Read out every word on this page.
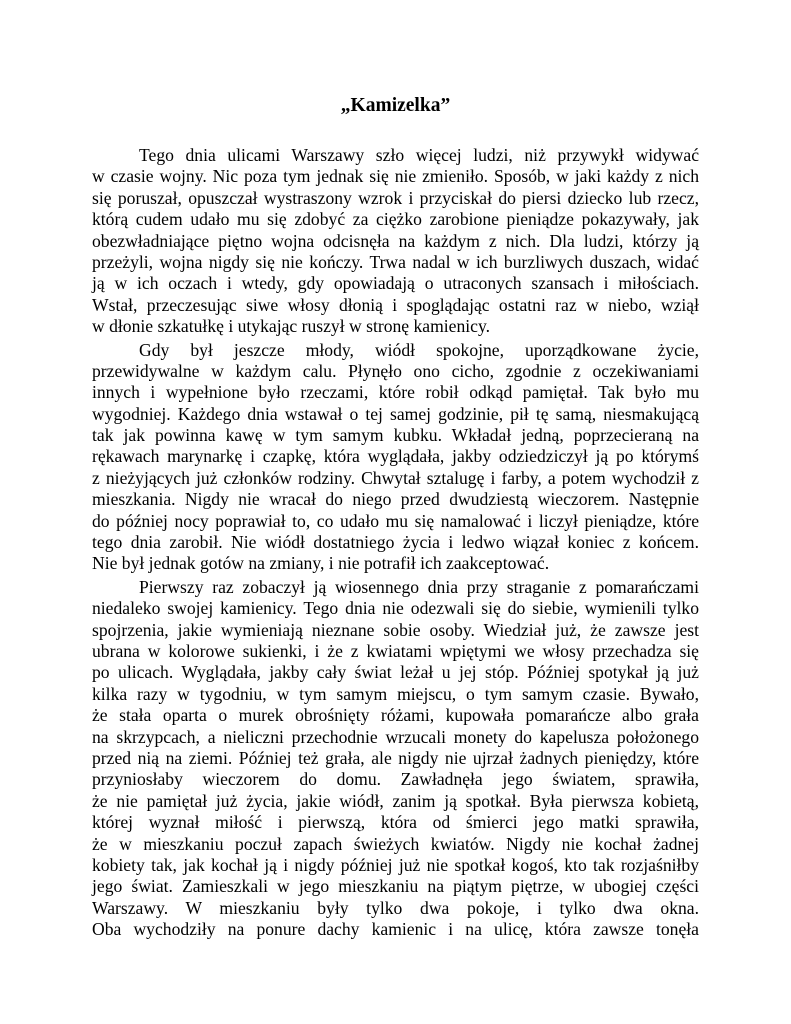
„Kamizelka”
Tego dnia ulicami Warszawy szło więcej ludzi, niż przywykł widywać
w czasie wojny. Nic poza tym jednak się nie zmieniło. Sposób, w jaki każdy z nich
się poruszał, opuszczał wystraszony wzrok i przyciskał do piersi dziecko lub rzecz,
którą cudem udało mu się zdobyć za ciężko zarobione pieniądze pokazywały, jak
obezwładniające piętno wojna odcisnęła na każdym z nich. Dla ludzi, którzy ją
przeżyli, wojna nigdy się nie kończy. Trwa nadal w ich burzliwych duszach, widać
ją w ich oczach i wtedy, gdy opowiadają o utraconych szansach i miłościach.
Wstał, przeczesując siwe włosy dłonią i spoglądając ostatni raz w niebo, wziął
w dłonie szkatułkę i utykając ruszył w stronę kamienicy.
Gdy był jeszcze młody, wiódł spokojne, uporządkowane życie,
przewidywalne w każdym calu. Płynęło ono cicho, zgodnie z oczekiwaniami
innych i wypełnione było rzeczami, które robił odkąd pamiętał. Tak było mu
wygodniej. Każdego dnia wstawał o tej samej godzinie, pił tę samą, niesmakującą
tak jak powinna kawę w tym samym kubku. Wkładał jedną, poprzecieraną na
rękawach marynarkę i czapkę, która wyglądała, jakby odziedziczył ją po którymś
z nieżyjących już członków rodziny. Chwytał sztalugę i farby, a potem wychodził z
mieszkania. Nigdy nie wracał do niego przed dwudziestą wieczorem. Następnie
do później nocy poprawiał to, co udało mu się namalować i liczył pieniądze, które
tego dnia zarobił. Nie wiódł dostatniego życia i ledwo wiązał koniec z końcem.
Nie był jednak gotów na zmiany, i nie potrafił ich zaakceptować.
Pierwszy raz zobaczył ją wiosennego dnia przy straganie z pomarańczami
niedaleko swojej kamienicy. Tego dnia nie odezwali się do siebie, wymienili tylko
spojrzenia, jakie wymieniają nieznane sobie osoby. Wiedział już, że zawsze jest
ubrana w kolorowe sukienki, i że z kwiatami wpiętymi we włosy przechadza się
po ulicach. Wyglądała, jakby cały świat leżał u jej stóp. Później spotykał ją już
kilka razy w tygodniu, w tym samym miejscu, o tym samym czasie. Bywało,
że stała oparta o murek obrośnięty różami, kupowała pomarańcze albo grała
na skrzypcach, a nieliczni przechodnie wrzucali monety do kapelusza położonego
przed nią na ziemi. Później też grała, ale nigdy nie ujrzał żadnych pieniędzy, które
przyniosłaby wieczorem do domu. Zawładnęła jego światem, sprawiła,
że nie pamiętał już życia, jakie wiódł, zanim ją spotkał. Była pierwsza kobietą,
której wyznał miłość i pierwszą, która od śmierci jego matki sprawiła,
że w mieszkaniu poczuł zapach świeżych kwiatów. Nigdy nie kochał żadnej
kobiety tak, jak kochał ją i nigdy później już nie spotkał kogoś, kto tak rozjaśniłby
jego świat. Zamieszkali w jego mieszkaniu na piątym piętrze, w ubogiej części
Warszawy. W mieszkaniu były tylko dwa pokoje, i tylko dwa okna.
Oba wychodziły na ponure dachy kamienic i na ulicę, która zawsze tonęła
